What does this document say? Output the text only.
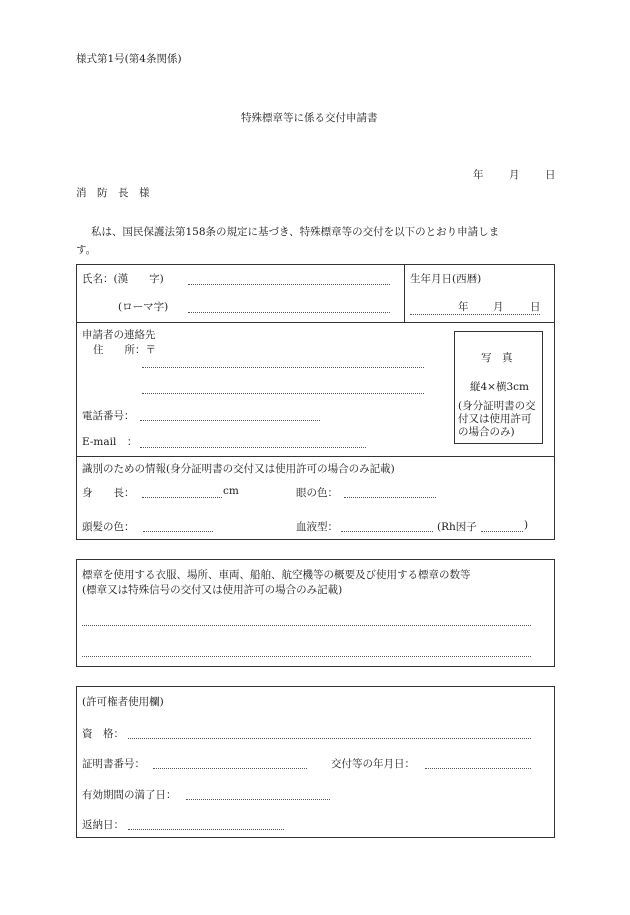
様式第1号(第4条関係)
特殊標章等に係る交付申請書
年 月 日
消　防　長　様
私は、国民保護法第158条の規定に基づき、特殊標章等の交付を以下のとおり申請しま
す。
氏名：(漢　　字)
(ローマ字)
生年月日(西暦)
年 月	日
申請者の連絡先
住　　所：〒
電話番号：
E-mail　：
写　真
縦4×横3cm
(身分証明書の交
付又は使用許可
の場合のみ)
識別のための情報(身分証明書の交付又は使用許可の場合のみ記載)
身　　長：	cm	眼の色：
頭髪の色：	血液型：	(Rh因子	)
標章を使用する衣服、場所、車両、船舶、航空機等の概要及び使用する標章の数等
(標章又は特殊信号の交付又は使用許可の場合のみ記載)
(許可権者使用欄)
資　格：
証明書番号：	交付等の年月日：
有効期間の満了日：
返納日：
